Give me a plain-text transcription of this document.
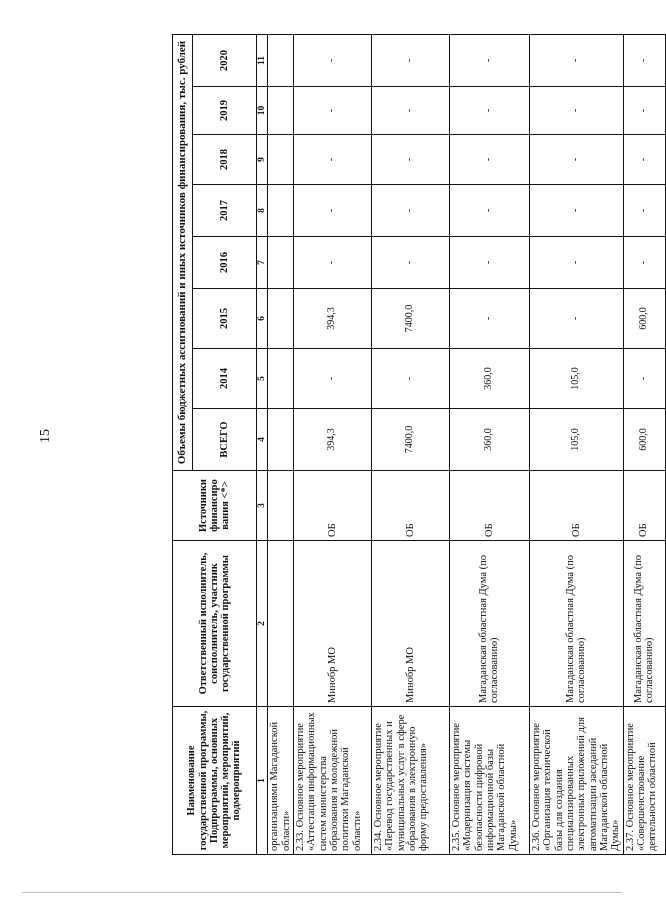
15
Наименование государственной программы, Подпрограммы, основных мероприятий, мероприятий, подмероприятий	Ответственный исполнитель, соисполнитель, участник государственной программы	Источники финансиро вания <*>	Объемы бюджетных ассигнований и иных источников финансирования, тыс. рублей							
			ВСЕГО	2014	2015	2016	2017	2018	2019	2020
1	2	3	4	5	6	7	8	9	10	11
организациями Магаданской области»										
2.33. Основное мероприятие «Аттестация информационных систем министерства образования и молодежной политики Магаданской области»	Минобр МО	ОБ	394,3	-	394,3	-	-	-	-	-
2.34. Основное мероприятие «Перевод государственных и муниципальных услуг в сфере образования в электронную форму предоставления»	Минобр МО	ОБ	7400,0	-	7400,0	-	-	-	-	-
2.35. Основное мероприятие «Модернизация системы безопасности цифровой информационной базы Магаданской областной Думы»	Магаданская областная Дума (по согласованию)	ОБ	360,0	360,0	-	-	-	-	-	-
2.36. Основное мероприятие «Организация технической базы для создания специализированных электронных приложений для автоматизации заседаний Магаданской областной Думы»	Магаданская областная Дума (по согласованию)	ОБ	105,0	105,0	-	-	-	-	-	-
2.37. Основное мероприятие «Совершенствование деятельности областной	Магаданская областная Дума (по согласованию)	ОБ	600,0	-	600,0	-	-	-	-	-
